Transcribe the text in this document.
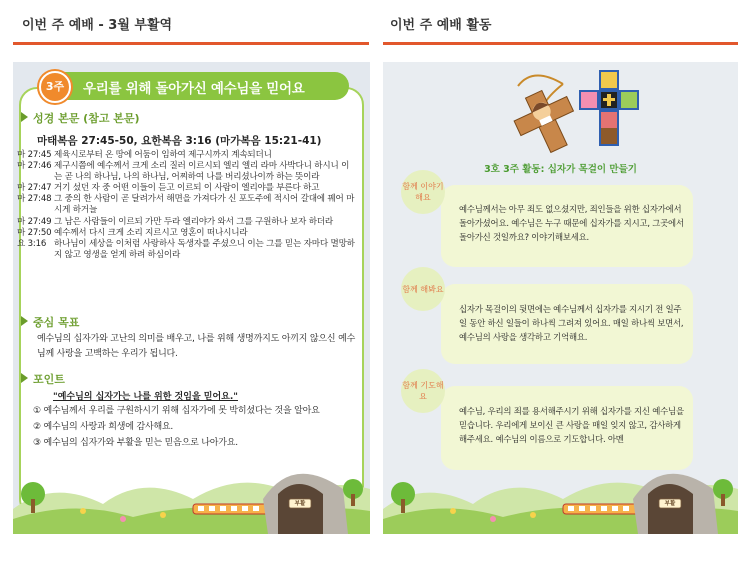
이번 주 예배 - 3월 부활역	이번 주 예배 활동
우리를 위해 돌아가신 예수님을 믿어요
3주
성경 본문 (참고 본문)
마태복음 27:45-50, 요한복음 3:16 (마가복음 15:21-41)
마 27:45 제육시로부터 온 땅에 어둠이 임하여 제구시까지 계속되더니
마 27:46 제구시쯤에 예수께서 크게 소리 질러 이르시되 엘리 엘리 라마 사박다니 하시니 이는 곧 나의 하나님, 나의 하나님, 어찌하여 나를 버리셨나이까 하는 뜻이라
마 27:47 거기 섰던 자 중 어떤 이들이 듣고 이르되 이 사람이 엘리야를 부른다 하고
마 27:48 그 중의 한 사람이 곧 달려가서 해면을 가져다가 신 포도주에 적시어 갈대에 꿰어 마시게 하거늘
마 27:49 그 남은 사람들이 이르되 가만 두라 엘리야가 와서 그를 구원하나 보자 하더라
마 27:50 예수께서 다시 크게 소리 지르시고 영혼이 떠나시니라
요 3:16 하나님이 세상을 이처럼 사랑하사 독생자를 주셨으니 이는 그를 믿는 자마다 멸망하지 않고 영생을 얻게 하려 하심이라
중심 목표
예수님의 십자가와 고난의 의미를 배우고, 나를 위해 생명까지도 아끼지 않으신 예수님께 사랑을 고백하는 우리가 됩니다.
포인트
"예수님의 십자가는 나를 위한 것임을 믿어요."
① 예수님께서 우리를 구원하시기 위해 십자가에 못 박히셨다는 것을 알아요
② 예수님의 사랑과 희생에 감사해요.
③ 예수님의 십자가와 부활을 믿는 믿음으로 나아가요.
부활
3호 3주 활동: 십자가 목걸이 만들기
예수님께서는 아무 죄도 없으셨지만, 죄인들을 위한 십자가에서 돌아가셨어요. 예수님은 누구 때문에 십자가를 지시고, 그곳에서 돌아가신 것일까요? 이야기해보세요.
함께 이야기 해요
십자가 목걸이의 뒷면에는 예수님께서 십자가를 지시기 전 일주일 동안 하신 일들이 하나씩 그려져 있어요. 매일 하나씩 보면서, 예수님의 사랑을 생각하고 기억해요.
함께 해봐요
예수님, 우리의 죄를 용서해주시기 위해 십자가를 지신 예수님을 믿습니다. 우리에게 보이신 큰 사랑을 매일 잊지 않고, 감사하게 해주세요. 예수님의 이름으로 기도합니다. 아멘
함께 기도해요
부활
